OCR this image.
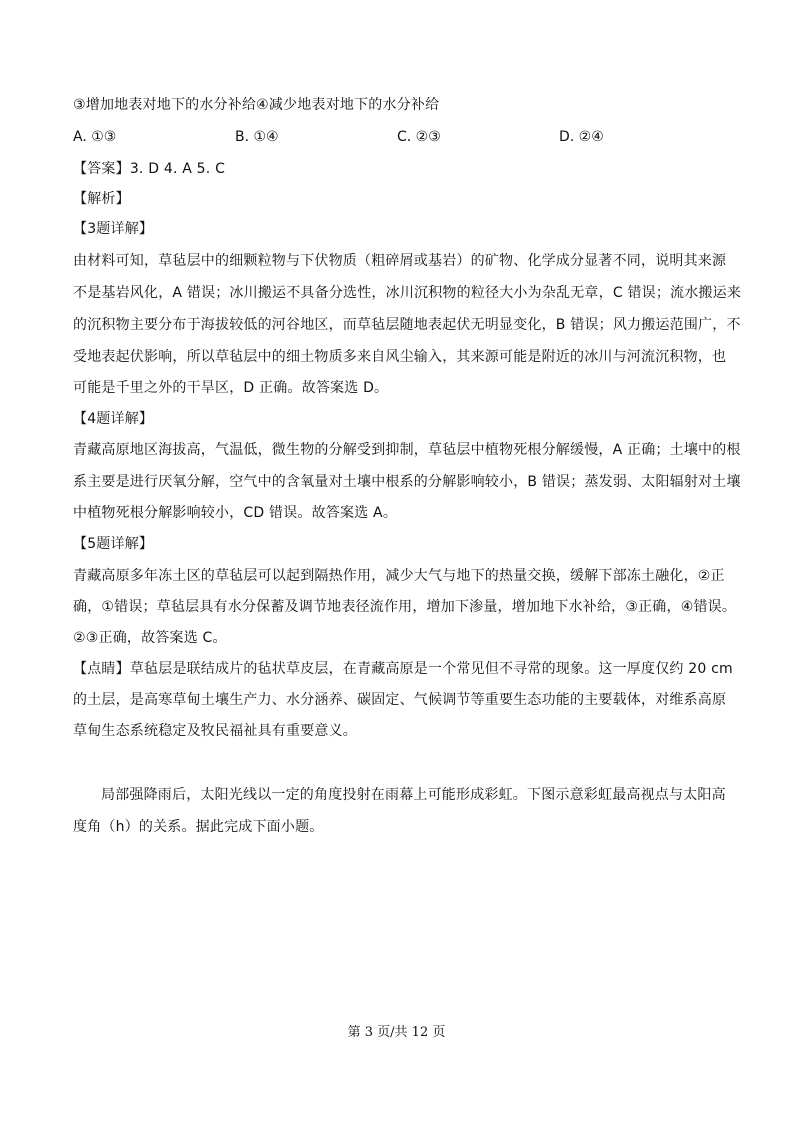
③增加地表对地下的水分补给④减少地表对地下的水分补给
A. ①③	B. ①④	C. ②③	D. ②④
【答案】3. D 4. A 5. C
【解析】
【3题详解】
由材料可知，草毡层中的细颗粒物与下伏物质（粗碎屑或基岩）的矿物、化学成分显著不同，说明其来源
不是基岩风化，A 错误；冰川搬运不具备分选性，冰川沉积物的粒径大小为杂乱无章，C 错误；流水搬运来
的沉积物主要分布于海拔较低的河谷地区，而草毡层随地表起伏无明显变化，B 错误；风力搬运范围广，不
受地表起伏影响，所以草毡层中的细土物质多来自风尘输入，其来源可能是附近的冰川与河流沉积物，也
可能是千里之外的干旱区，D 正确。故答案选 D。
【4题详解】
青藏高原地区海拔高，气温低，微生物的分解受到抑制，草毡层中植物死根分解缓慢，A 正确；土壤中的根
系主要是进行厌氧分解，空气中的含氧量对土壤中根系的分解影响较小，B 错误；蒸发弱、太阳辐射对土壤
中植物死根分解影响较小，CD 错误。故答案选 A。
【5题详解】
青藏高原多年冻土区的草毡层可以起到隔热作用，减少大气与地下的热量交换，缓解下部冻土融化，②正
确，①错误；草毡层具有水分保蓄及调节地表径流作用，增加下渗量，增加地下水补给，③正确，④错误。
②③正确，故答案选 C。
【点睛】草毡层是联结成片的毡状草皮层，在青藏高原是一个常见但不寻常的现象。这一厚度仅约 20 cm
的土层，是高寒草甸土壤生产力、水分涵养、碳固定、气候调节等重要生态功能的主要载体，对维系高原
草甸生态系统稳定及牧民福祉具有重要意义。
局部强降雨后，太阳光线以一定的角度投射在雨幕上可能形成彩虹。下图示意彩虹最高视点与太阳高
度角（h）的关系。据此完成下面小题。
第 3 页/共 12 页
